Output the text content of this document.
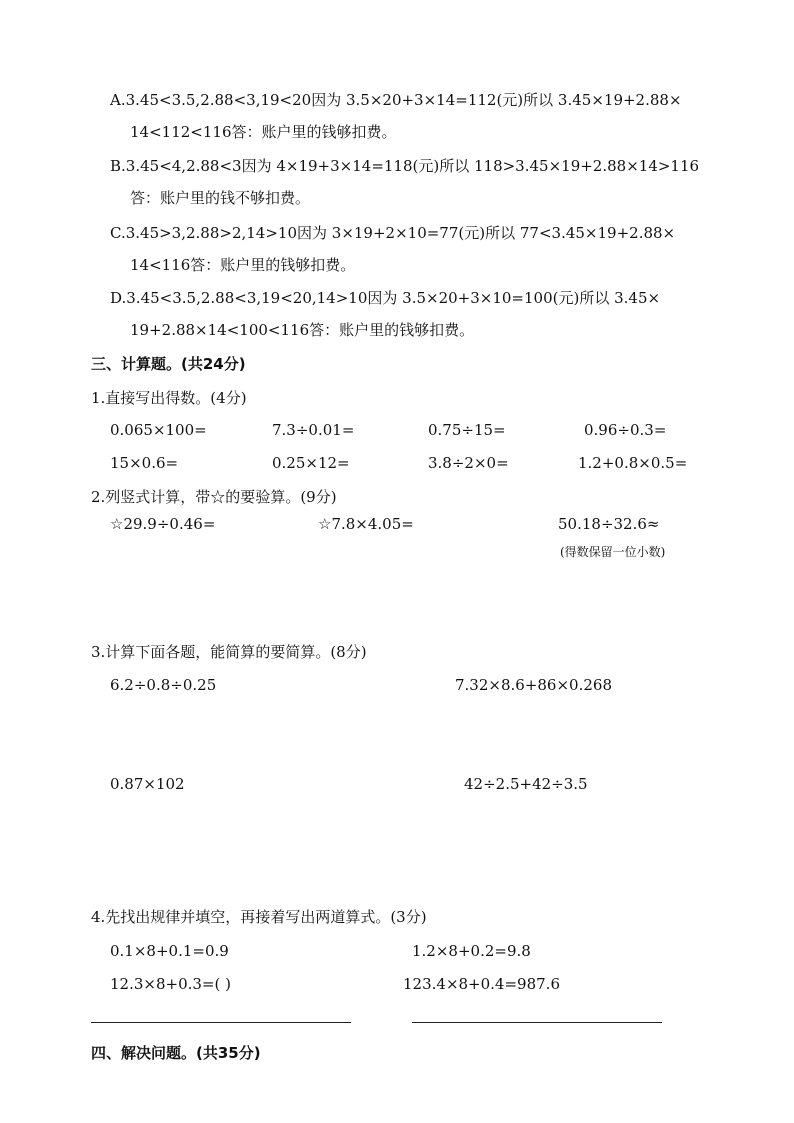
A.3.45<3.5,2.88<3,19<20因为 3.5×20+3×14=112(元)所以 3.45×19+2.88×
14<112<116答：账户里的钱够扣费。
B.3.45<4,2.88<3因为 4×19+3×14=118(元)所以 118>3.45×19+2.88×14>116
答：账户里的钱不够扣费。
C.3.45>3,2.88>2,14>10因为 3×19+2×10=77(元)所以 77<3.45×19+2.88×
14<116答：账户里的钱够扣费。
D.3.45<3.5,2.88<3,19<20,14>10因为 3.5×20+3×10=100(元)所以 3.45×
19+2.88×14<100<116答：账户里的钱够扣费。
三、计算题。(共24分)
1.直接写出得数。(4分)
0.065×100=	7.3÷0.01=	0.75÷15=	0.96÷0.3=
15×0.6=	0.25×12=	3.8÷2×0=	1.2+0.8×0.5=
2.列竖式计算，带☆的要验算。(9分)
☆29.9÷0.46=	☆7.8×4.05=	50.18÷32.6≈
(得数保留一位小数)
3.计算下面各题，能简算的要简算。(8分)
6.2÷0.8÷0.25	7.32×8.6+86×0.268
0.87×102	42÷2.5+42÷3.5
4.先找出规律并填空，再接着写出两道算式。(3分)
0.1×8+0.1=0.9	1.2×8+0.2=9.8
12.3×8+0.3=( )	123.4×8+0.4=987.6
四、解决问题。(共35分)
